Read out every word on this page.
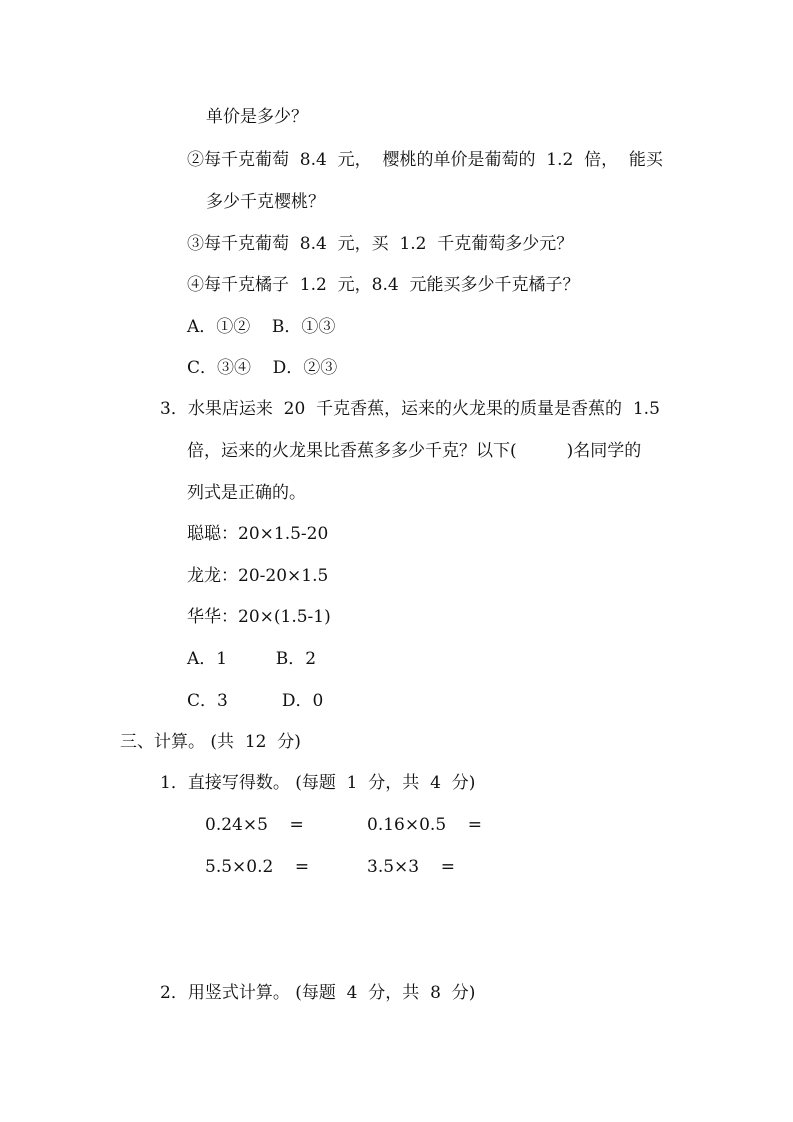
单价是多少？

②每千克葡萄  8.4  元，  樱桃的单价是葡萄的  1.2  倍，  能买

多少千克樱桃？

③每千克葡萄  8.4  元，买  1.2  千克葡萄多少元？

④每千克橘子  1.2  元，8.4  元能买多少千克橘子？

A．①②    B．①③

C．③④    D．②③

3．水果店运来  20  千克香蕉，运来的火龙果的质量是香蕉的  1.5

倍，运来的火龙果比香蕉多多少千克？以下(	)名同学的

列式是正确的。

聪聪：20×1.5-20

龙龙：20-20×1.5

华华：20×(1.5-1)

A．1         B．2

C．3          D．0

三、计算。 (共  12  分)

1．直接写得数。 (每题  1  分，共  4  分)

0.24×5    =	0.16×0.5    =

5.5×0.2    =	3.5×3    =

2．用竖式计算。 (每题  4  分，共  8  分)
